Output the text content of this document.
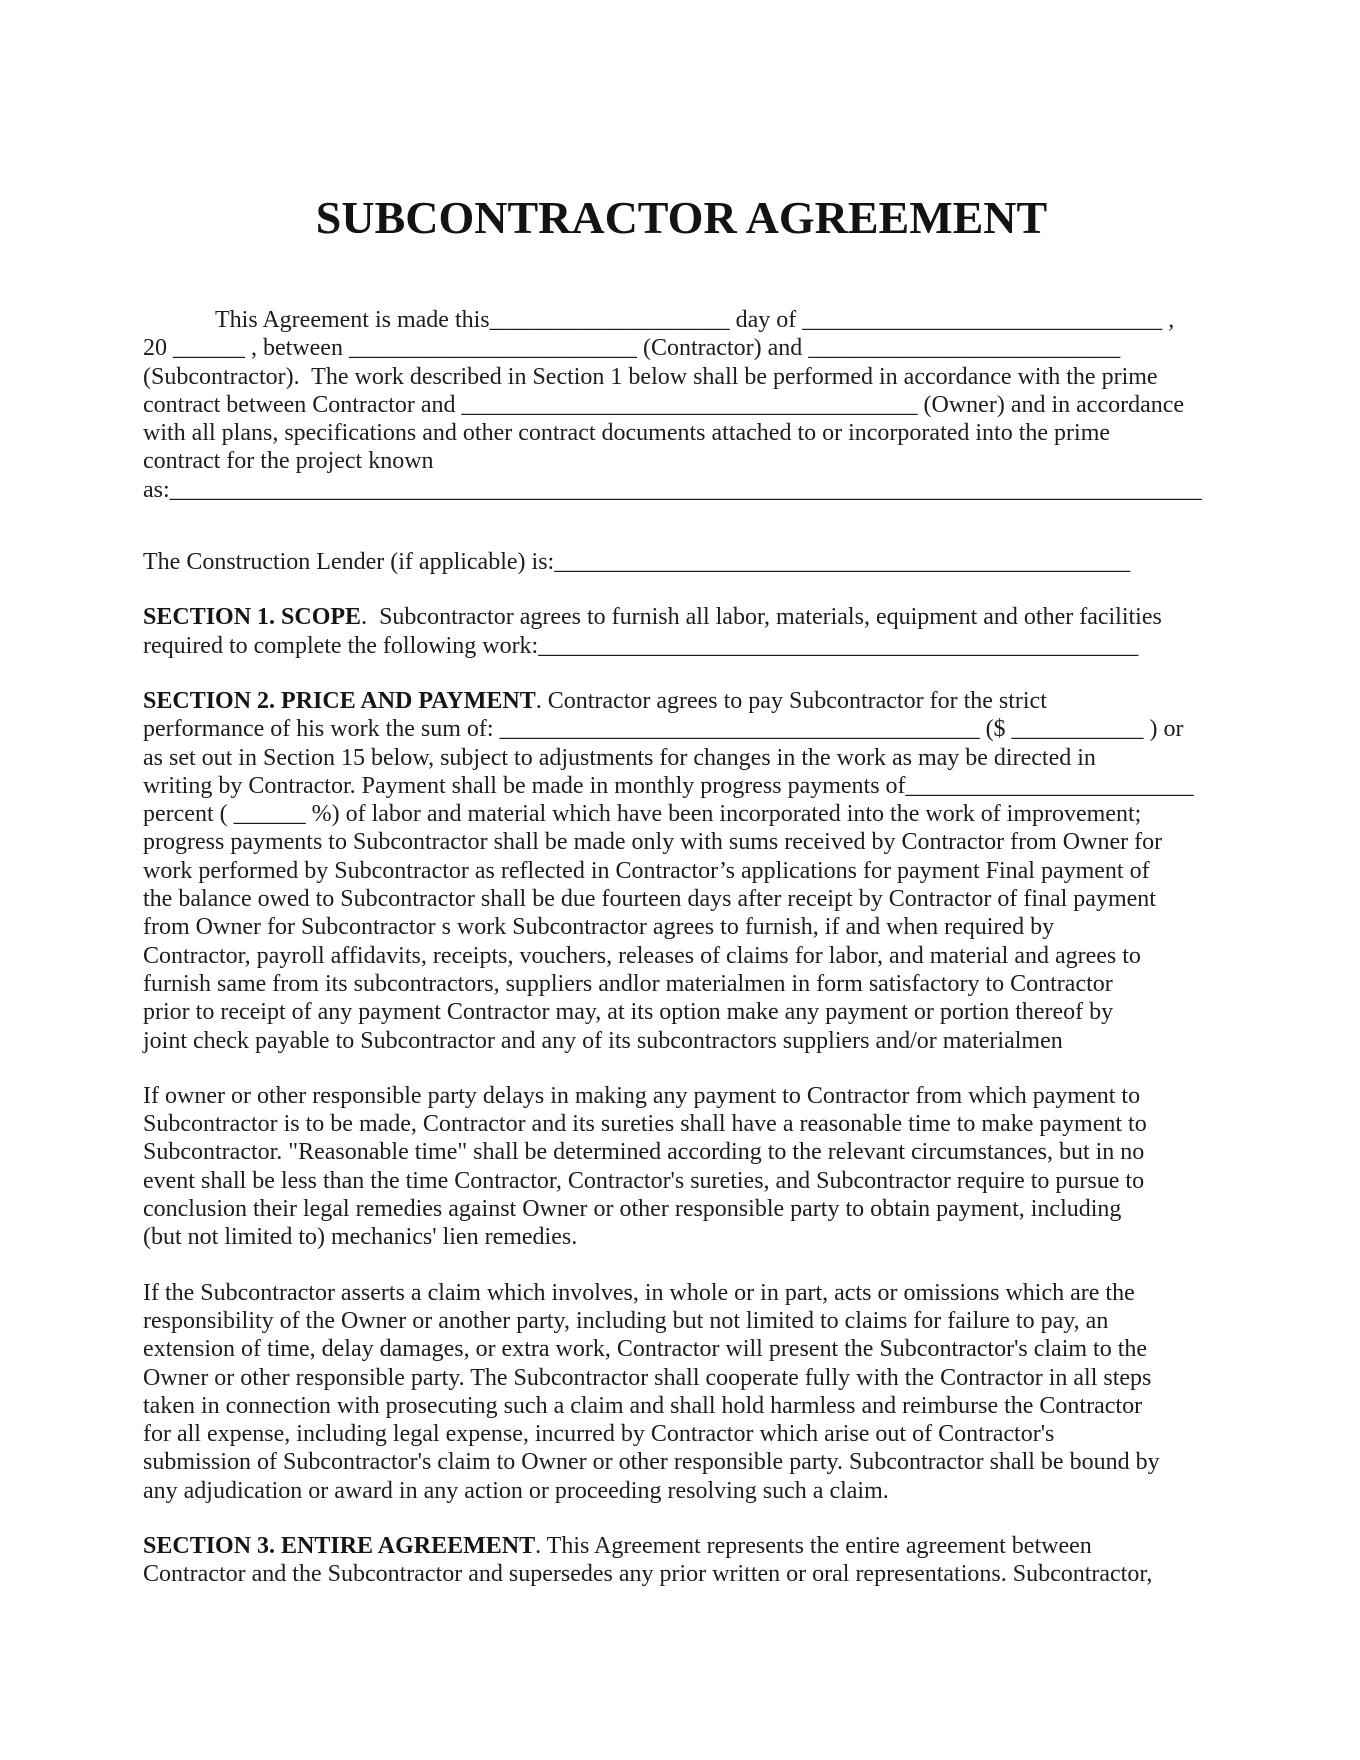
SUBCONTRACTOR AGREEMENT
This Agreement is made this____________________ day of ______________________________ ,
20 ______ , between ________________________ (Contractor) and __________________________
(Subcontractor).  The work described in Section 1 below shall be performed in accordance with the prime
contract between Contractor and ______________________________________ (Owner) and in accordance
with all plans, specifications and other contract documents attached to or incorporated into the prime
contract for the project known
as:______________________________________________________________________________________
The Construction Lender (if applicable) is:________________________________________________
SECTION 1. SCOPE.  Subcontractor agrees to furnish all labor, materials, equipment and other facilities
required to complete the following work:__________________________________________________
SECTION 2. PRICE AND PAYMENT. Contractor agrees to pay Subcontractor for the strict
performance of his work the sum of: ________________________________________ ($ ___________ ) or
as set out in Section 15 below, subject to adjustments for changes in the work as may be directed in
writing by Contractor. Payment shall be made in monthly progress payments of________________________
percent ( ______ %) of labor and material which have been incorporated into the work of improvement;
progress payments to Subcontractor shall be made only with sums received by Contractor from Owner for
work performed by Subcontractor as reflected in Contractor’s applications for payment Final payment of
the balance owed to Subcontractor shall be due fourteen days after receipt by Contractor of final payment
from Owner for Subcontractor s work Subcontractor agrees to furnish, if and when required by
Contractor, payroll affidavits, receipts, vouchers, releases of claims for labor, and material and agrees to
furnish same from its subcontractors, suppliers andlor materialmen in form satisfactory to Contractor
prior to receipt of any payment Contractor may, at its option make any payment or portion thereof by
joint check payable to Subcontractor and any of its subcontractors suppliers and/or materialmen
If owner or other responsible party delays in making any payment to Contractor from which payment to
Subcontractor is to be made, Contractor and its sureties shall have a reasonable time to make payment to
Subcontractor. "Reasonable time" shall be determined according to the relevant circumstances, but in no
event shall be less than the time Contractor, Contractor's sureties, and Subcontractor require to pursue to
conclusion their legal remedies against Owner or other responsible party to obtain payment, including
(but not limited to) mechanics' lien remedies.
If the Subcontractor asserts a claim which involves, in whole or in part, acts or omissions which are the
responsibility of the Owner or another party, including but not limited to claims for failure to pay, an
extension of time, delay damages, or extra work, Contractor will present the Subcontractor's claim to the
Owner or other responsible party. The Subcontractor shall cooperate fully with the Contractor in all steps
taken in connection with prosecuting such a claim and shall hold harmless and reimburse the Contractor
for all expense, including legal expense, incurred by Contractor which arise out of Contractor's
submission of Subcontractor's claim to Owner or other responsible party. Subcontractor shall be bound by
any adjudication or award in any action or proceeding resolving such a claim.
SECTION 3. ENTIRE AGREEMENT. This Agreement represents the entire agreement between
Contractor and the Subcontractor and supersedes any prior written or oral representations. Subcontractor,
